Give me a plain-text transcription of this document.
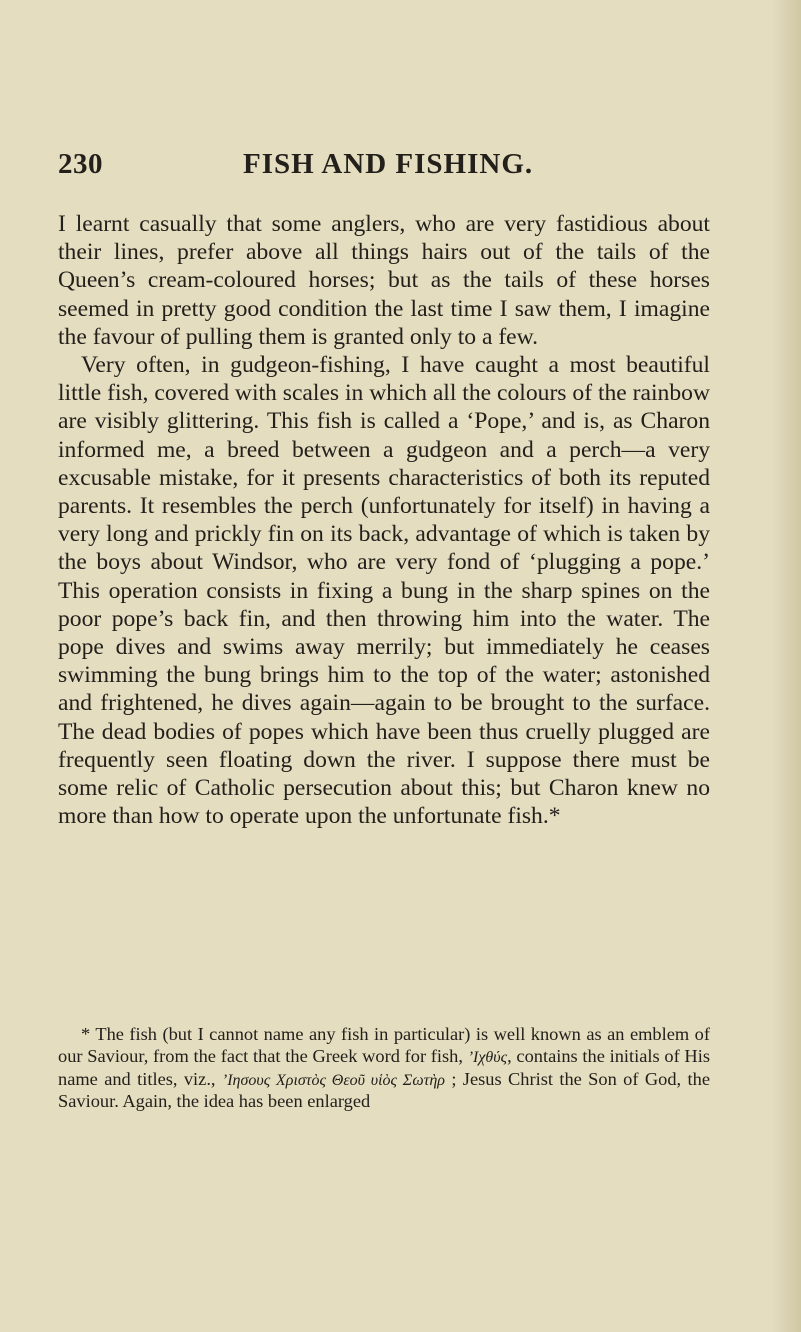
230	FISH AND FISHING.

I learnt casually that some anglers, who are very fastidious about their lines, prefer above all things hairs out of the tails of the Queen’s cream-coloured horses; but as the tails of these horses seemed in pretty good condition the last time I saw them, I imagine the favour of pulling them is granted only to a few.

Very often, in gudgeon-fishing, I have caught a most beautiful little fish, covered with scales in which all the colours of the rainbow are visibly glittering. This fish is called a ‘Pope,’ and is, as Charon informed me, a breed between a gudgeon and a perch—a very excusable mistake, for it presents characteristics of both its reputed parents. It resembles the perch (unfortunately for itself) in having a very long and prickly fin on its back, advantage of which is taken by the boys about Windsor, who are very fond of ‘plugging a pope.’ This operation consists in fixing a bung in the sharp spines on the poor pope’s back fin, and then throwing him into the water. The pope dives and swims away merrily; but immediately he ceases swimming the bung brings him to the top of the water; astonished and frightened, he dives again—again to be brought to the surface. The dead bodies of popes which have been thus cruelly plugged are frequently seen floating down the river. I suppose there must be some relic of Catholic persecution about this; but Charon knew no more than how to operate upon the unfortunate fish.*

* The fish (but I cannot name any fish in particular) is well known as an emblem of our Saviour, from the fact that the Greek word for fish, ’Ιχθύς, contains the initials of His name and titles, viz., ’Ιησους Χριστὸς Θεοῦ υἱὸς Σωτὴρ ; Jesus Christ the Son of God, the Saviour. Again, the idea has been enlarged
